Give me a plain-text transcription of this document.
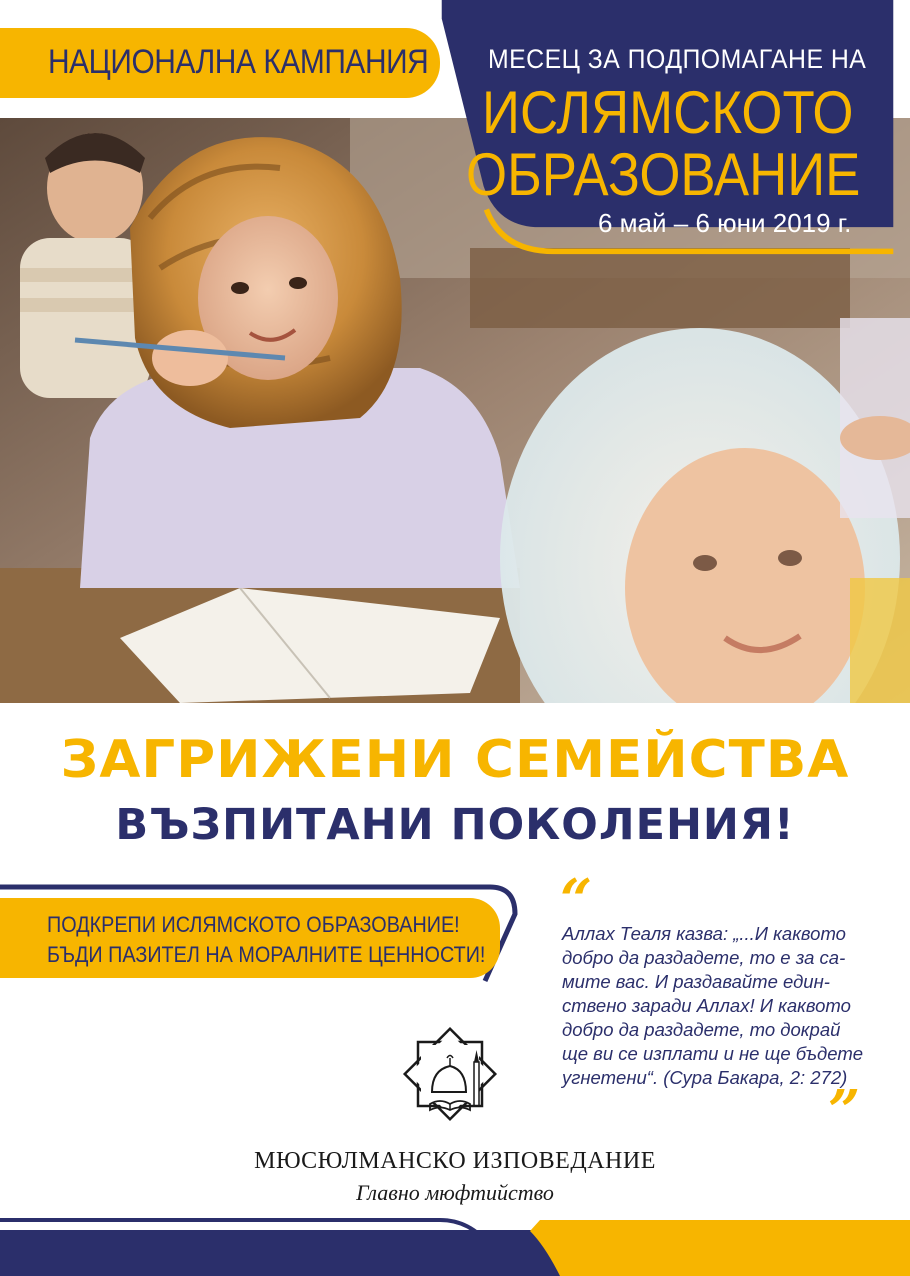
НАЦИОНАЛНА КАМПАНИЯ МЕСЕЦ ЗА ПОДПОМАГАНЕ НА
ИСЛЯМСКОТО
ОБРАЗОВАНИЕ
6 май – 6 юни 2019 г.
ЗАГРИЖЕНИ СЕМЕЙСТВА
ВЪЗПИТАНИ ПОКОЛЕНИЯ!
ПОДКРЕПИ ИСЛЯМСКОТО ОБРАЗОВАНИЕ!
БЪДИ ПАЗИТЕЛ НА МОРАЛНИТЕ ЦЕННОСТИ!
“
Аллах Теаля казва: „...И каквото
добро да раздадете, то е за са-
мите вас. И раздавайте един-
ствено заради Аллах! И каквото
добро да раздадете, то докрай
ще ви се изплати и не ще бъдете
угнетени“. (Сура Бакара, 2: 272)
”
МЮСЮЛМАНСКО ИЗПОВЕДАНИЕ
Главно мюфтийство
